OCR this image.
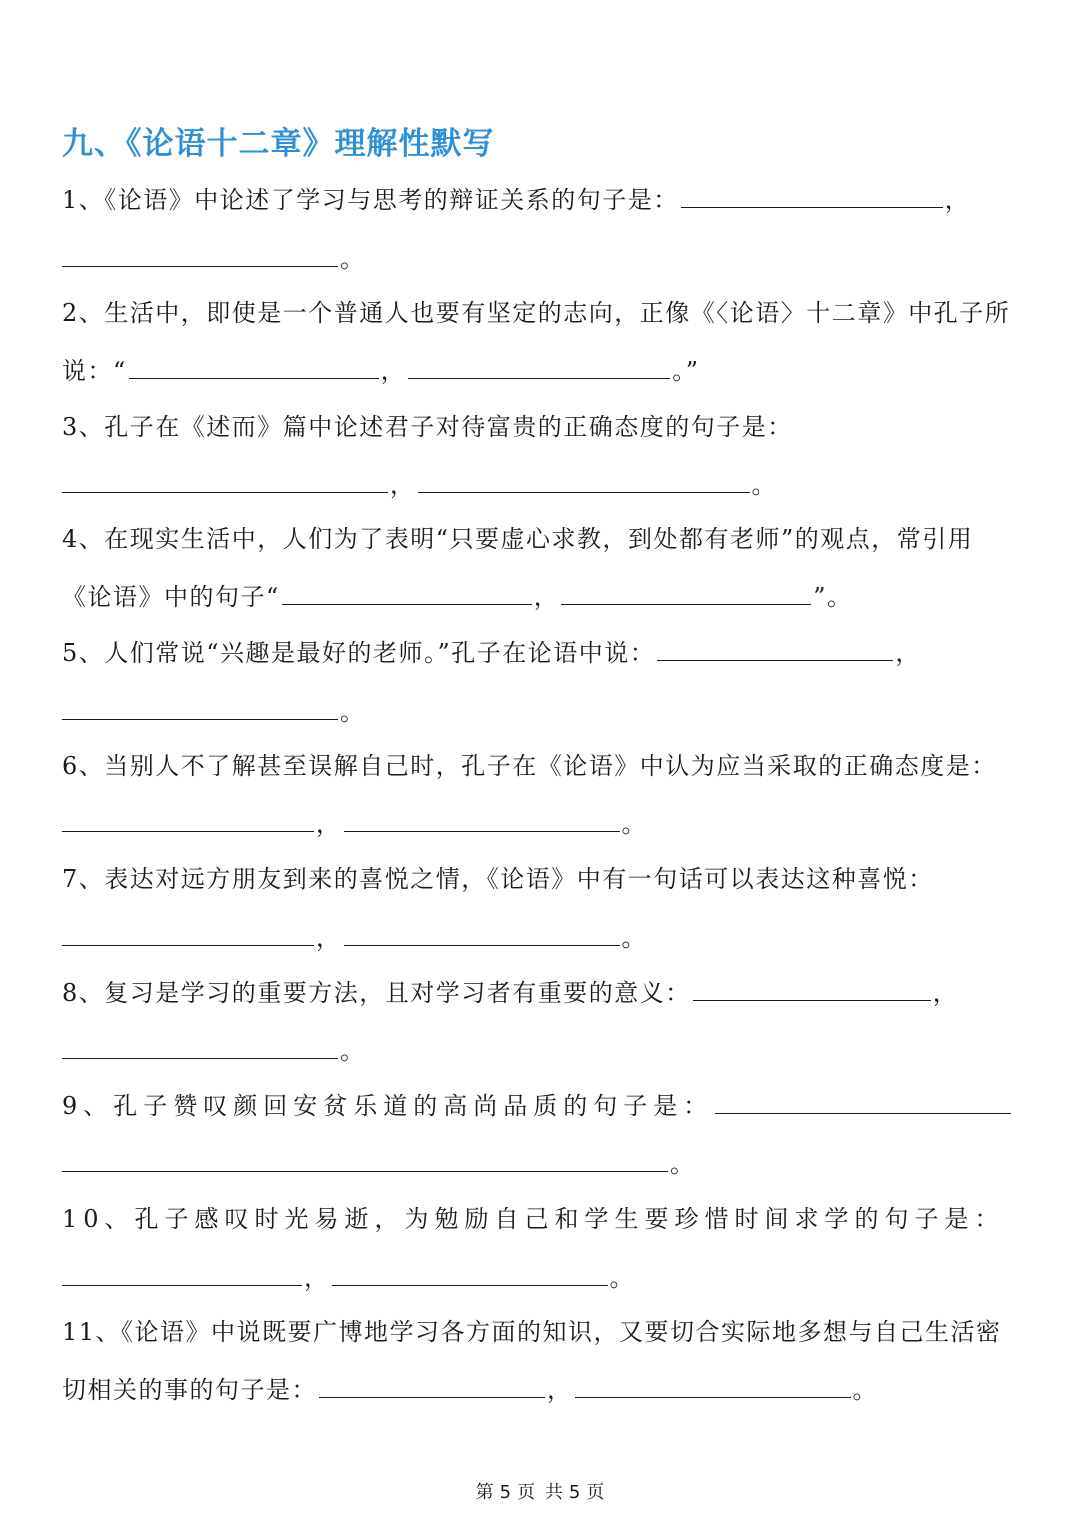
九、《论语十二章》理解性默写
1、《论语》中论述了学习与思考的辩证关系的句子是：	，
。
2、生活中，即使是一个普通人也要有坚定的志向，正像《〈论语〉十二章》中孔子所
说：“	，	。”
3、孔子在《述而》篇中论述君子对待富贵的正确态度的句子是：
，	。
4、在现实生活中，人们为了表明“只要虚心求教，到处都有老师”的观点，常引用
《论语》中的句子“	，	”。
5、人们常说“兴趣是最好的老师。”孔子在论语中说：	，
。
6、当别人不了解甚至误解自己时，孔子在《论语》中认为应当采取的正确态度是：
，	。
7、表达对远方朋友到来的喜悦之情，《论语》中有一句话可以表达这种喜悦：
，	。
8、复习是学习的重要方法，且对学习者有重要的意义：	，
。
9、孔子赞叹颜回安贫乐道的高尚品质的句子是：
。
10、孔子感叹时光易逝，为勉励自己和学生要珍惜时间求学的句子是：
，	。
11、《论语》中说既要广博地学习各方面的知识，又要切合实际地多想与自己生活密
切相关的事的句子是：	，	。
第 5 页 共 5 页
